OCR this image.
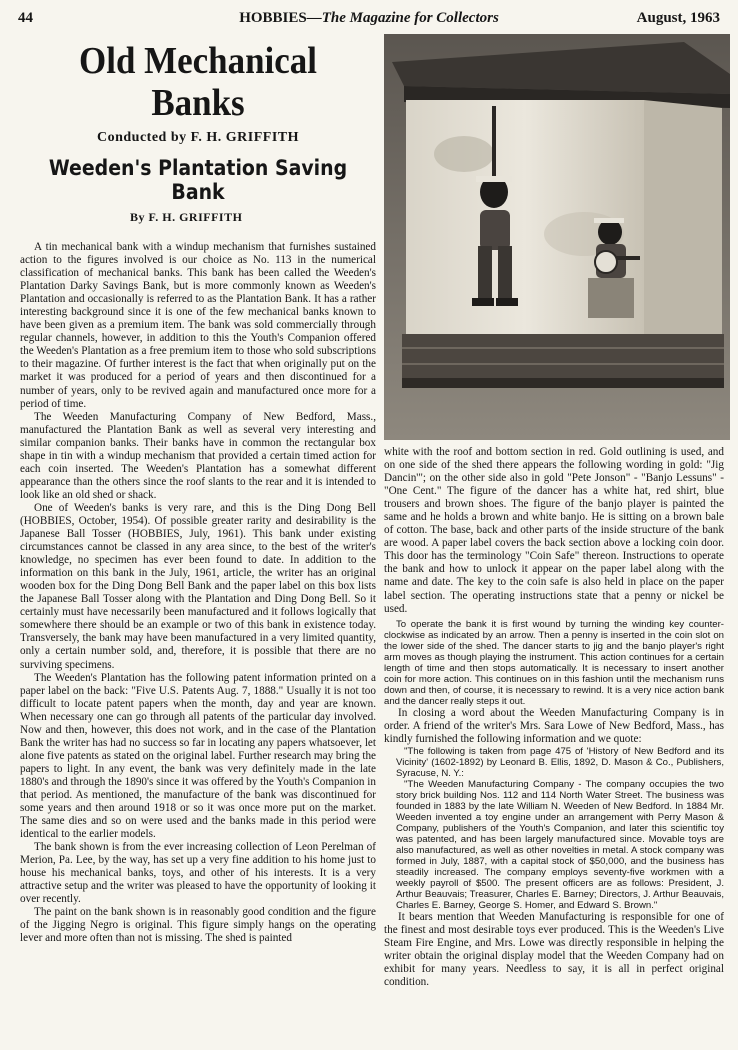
44	HOBBIES—The Magazine for Collectors	August, 1963
Old Mechanical Banks
Conducted by F. H. GRIFFITH
Weeden's Plantation Saving Bank
By F. H. GRIFFITH

A tin mechanical bank with a windup mechanism that furnishes sustained action to the figures involved is our choice as No. 113 in the numerical classification of mechanical banks. This bank has been called the Weeden's Plantation Darky Savings Bank, but is more commonly known as Weeden's Plantation and occasionally is referred to as the Plantation Bank. It has a rather interesting background since it is one of the few mechanical banks known to have been given as a premium item. The bank was sold commercially through regular channels, however, in addition to this the Youth's Companion offered the Weeden's Plantation as a free premium item to those who sold subscriptions to their magazine. Of further interest is the fact that when originally put on the market it was produced for a period of years and then discontinued for a number of years, only to be revived again and manufactured once more for a period of time.

The Weeden Manufacturing Company of New Bedford, Mass., manufactured the Plantation Bank as well as several very interesting and similar companion banks. Their banks have in common the rectangular box shape in tin with a windup mechanism that provided a certain timed action for each coin inserted. The Weeden's Plantation has a somewhat different appearance than the others since the roof slants to the rear and it is intended to look like an old shed or shack.

One of Weeden's banks is very rare, and this is the Ding Dong Bell (HOBBIES, October, 1954). Of possible greater rarity and desirability is the Japanese Ball Tosser (HOBBIES, July, 1961). This bank under existing circumstances cannot be classed in any area since, to the best of the writer's knowledge, no specimen has ever been found to date. In addition to the information on this bank in the July, 1961, article, the writer has an original wooden box for the Ding Dong Bell Bank and the paper label on this box lists the Japanese Ball Tosser along with the Plantation and Ding Dong Bell. So it certainly must have necessarily been manufactured and it follows logically that somewhere there should be an example or two of this bank in existence today. Transversely, the bank may have been manufactured in a very limited quantity, only a certain number sold, and, therefore, it is possible that there are no surviving specimens.

The Weeden's Plantation has the following patent information printed on a paper label on the back: "Five U.S. Patents Aug. 7, 1888." Usually it is not too difficult to locate patent papers when the month, day and year are known. When necessary one can go through all patents of the particular day involved. Now and then, however, this does not work, and in the case of the Plantation Bank the writer has had no success so far in locating any papers whatsoever, let alone five patents as stated on the original label. Further research may bring the papers to light. In any event, the bank was very definitely made in the late 1880's and through the 1890's since it was offered by the Youth's Companion in that period. As mentioned, the manufacture of the bank was discontinued for some years and then around 1918 or so it was once more put on the market. The same dies and so on were used and the banks made in this period were identical to the earlier models.

The bank shown is from the ever increasing collection of Leon Perelman of Merion, Pa. Lee, by the way, has set up a very fine addition to his home just to house his mechanical banks, toys, and other of his interests. It is a very attractive setup and the writer was pleased to have the opportunity of looking it over recently.

The paint on the bank shown is in reasonably good condition and the figure of the Jigging Negro is original. This figure simply hangs on the operating lever and more often than not is missing. The shed is painted

white with the roof and bottom section in red. Gold outlining is used, and on one side of the shed there appears the following wording in gold: "Jig Dancin'"; on the other side also in gold "Pete Jonson" - "Banjo Lessuns" - "One Cent." The figure of the dancer has a white hat, red shirt, blue trousers and brown shoes. The figure of the banjo player is painted the same and he holds a brown and white banjo. He is sitting on a brown bale of cotton. The base, back and other parts of the inside structure of the bank are wood. A paper label covers the back section above a locking coin door. This door has the terminology "Coin Safe" thereon. Instructions to operate the bank and how to unlock it appear on the paper label along with the name and date. The key to the coin safe is also held in place on the paper label section. The operating instructions state that a penny or nickel be used.

To operate the bank it is first wound by turning the winding key counter-clockwise as indicated by an arrow. Then a penny is inserted in the coin slot on the lower side of the shed. The dancer starts to jig and the banjo player's right arm moves as though playing the instrument. This action continues for a certain length of time and then stops automatically. It is necessary to insert another coin for more action. This continues on in this fashion until the mechanism runs down and then, of course, it is necessary to rewind. It is a very nice action bank and the dancer really steps it out.

In closing a word about the Weeden Manufacturing Company is in order. A friend of the writer's Mrs. Sara Lowe of New Bedford, Mass., has kindly furnished the following information and we quote:

"The following is taken from page 475 of 'History of New Bedford and its Vicinity' (1602-1892) by Leonard B. Ellis, 1892, D. Mason & Co., Publishers, Syracuse, N. Y.:

"The Weeden Manufacturing Company - The company occupies the two story brick building Nos. 112 and 114 North Water Street. The business was founded in 1883 by the late William N. Weeden of New Bedford. In 1884 Mr. Weeden invented a toy engine under an arrangement with Perry Mason & Company, publishers of the Youth's Companion, and later this scientific toy was patented, and has been largely manufactured since. Movable toys are also manufactured, as well as other novelties in metal. A stock company was formed in July, 1887, with a capital stock of $50,000, and the business has steadily increased. The company employs seventy-five workmen with a weekly payroll of $500. The present officers are as follows: President, J. Arthur Beauvais; Treasurer, Charles E. Barney; Directors, J. Arthur Beauvais, Charles E. Barney, George S. Homer, and Edward S. Brown."

It bears mention that Weeden Manufacturing is responsible for one of the finest and most desirable toys ever produced. This is the Weeden's Live Steam Fire Engine, and Mrs. Lowe was directly responsible in helping the writer obtain the original display model that the Weeden Company had on exhibit for many years. Needless to say, it is all in perfect original condition.
